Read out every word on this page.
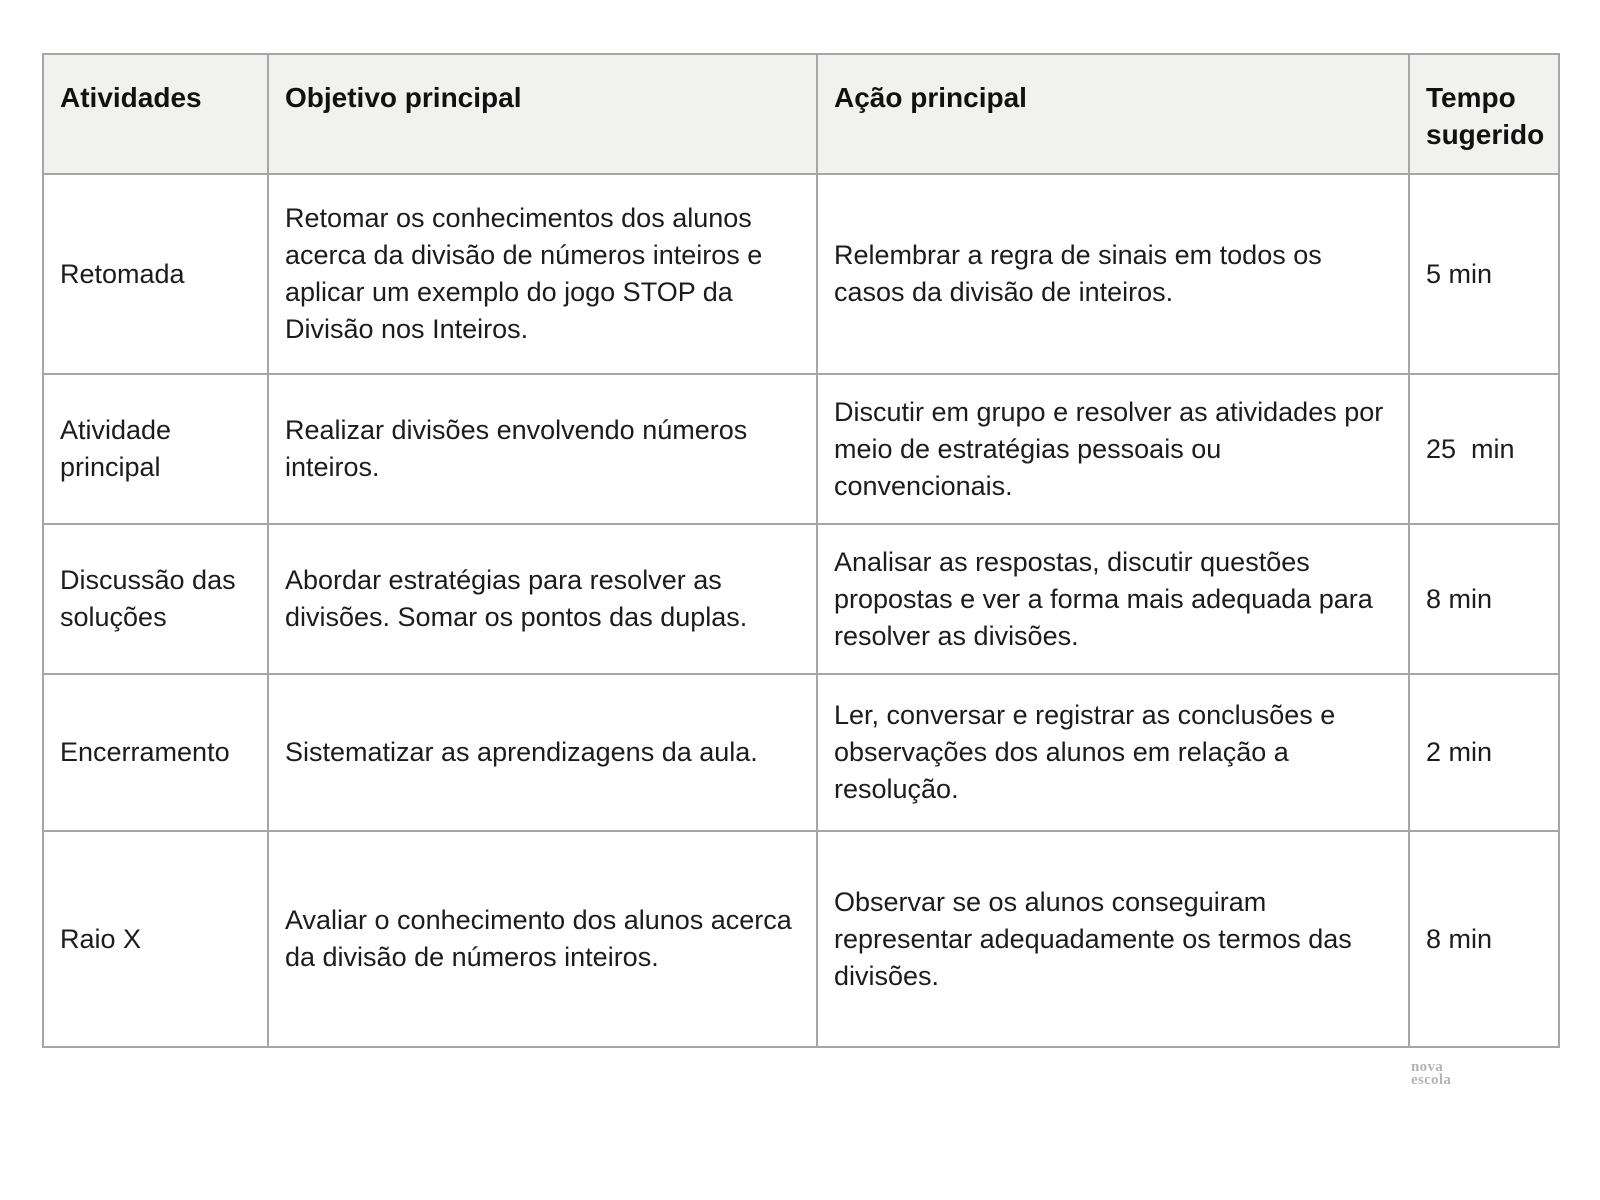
Atividades	Objetivo principal	Ação principal	Tempo sugerido
Retomada	Retomar os conhecimentos dos alunos acerca da divisão de números inteiros e aplicar um exemplo do jogo STOP da Divisão nos Inteiros.	Relembrar a regra de sinais em todos os casos da divisão de inteiros.	5 min
Atividade principal	Realizar divisões envolvendo números inteiros.	Discutir em grupo e resolver as atividades por meio de estratégias pessoais ou convencionais.	25  min
Discussão das soluções	Abordar estratégias para resolver as divisões. Somar os pontos das duplas.	Analisar as respostas, discutir questões propostas e ver a forma mais adequada para resolver as divisões.	8 min
Encerramento	Sistematizar as aprendizagens da aula.	Ler, conversar e registrar as conclusões e observações dos alunos em relação a resolução.	2 min
Raio X	Avaliar o conhecimento dos alunos acerca da divisão de números inteiros.	Observar se os alunos conseguiram representar adequadamente os termos das divisões.	8 min
nova
escola
